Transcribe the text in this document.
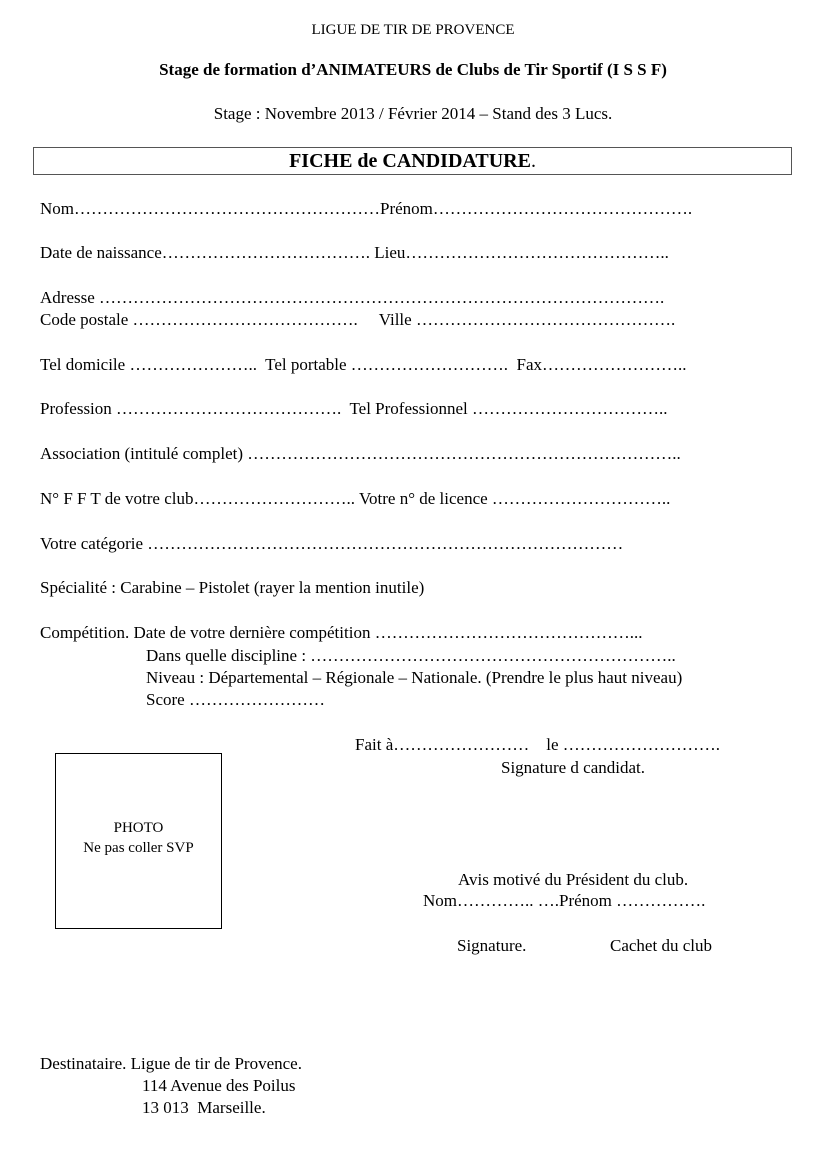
LIGUE DE TIR DE PROVENCE
Stage de formation d’ANIMATEURS de Clubs de Tir Sportif (I S S F)
Stage : Novembre 2013 / Février 2014 – Stand des 3 Lucs.
FICHE de CANDIDATURE.
Nom………………………………………………Prénom……………………………………….
Date de naissance………………………………. Lieu………………………………………..
Adresse ……………………………………………………………………………………….
Code postale ………………………………….     Ville ……………………………………….
Tel domicile …………………..  Tel portable ……………………….  Fax……………………..
Profession ………………………………….  Tel Professionnel ……………………………..
Association (intitulé complet) …………………………………………………………………..
N° F F T de votre club……………………….. Votre n° de licence …………………………..
Votre catégorie …………………………………………………………………………
Spécialité : Carabine – Pistolet (rayer la mention inutile)
Compétition. Date de votre dernière compétition ………………………………………...
Dans quelle discipline : ………………………………………………………..
Niveau : Départemental – Régionale – Nationale. (Prendre le plus haut niveau)
Score ……………………
Fait à……………………    le ……………………….
Signature d candidat.
PHOTO
Ne pas coller SVP
Avis motivé du Président du club.
Nom………….. ….Prénom …………….
Signature.	Cachet du club
Destinataire. Ligue de tir de Provence.
114 Avenue des Poilus
13 013  Marseille.
